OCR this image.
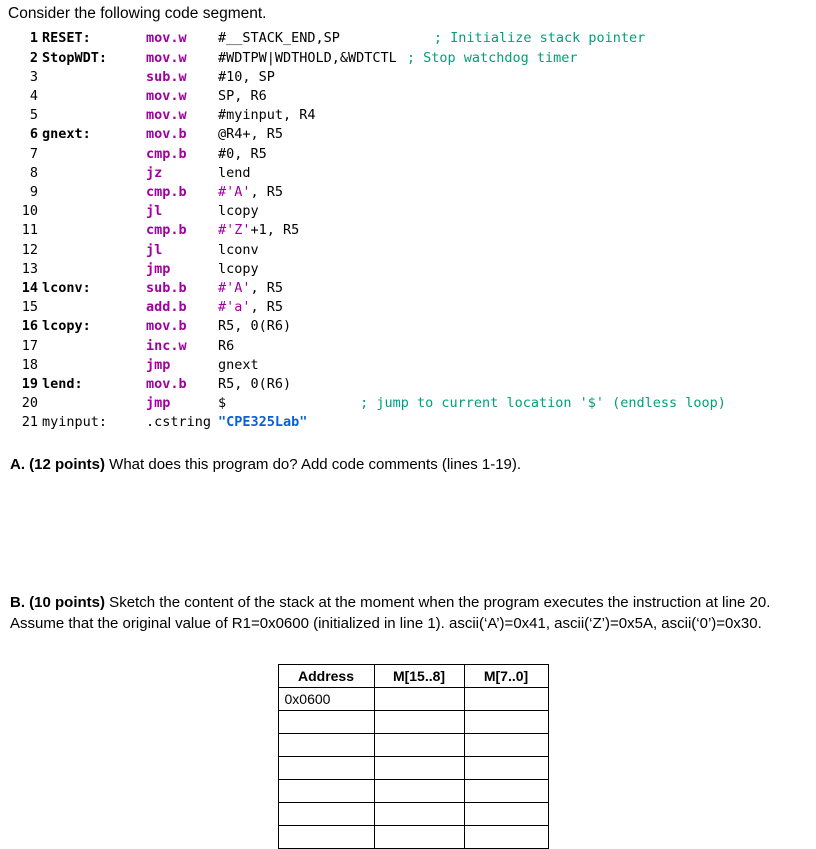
Consider the following code segment.

1 RESET:	mov.w	#__STACK_END,SP	; Initialize stack pointer
2 StopWDT:	mov.w	#WDTPW|WDTHOLD,&WDTCTL ; Stop watchdog timer
3	sub.w	#10, SP
4	mov.w	SP, R6
5	mov.w	#myinput, R4
6 gnext:	mov.b	@R4+, R5
7	cmp.b	#0, R5
8	jz	lend
9	cmp.b	#'A', R5
10	jl	lcopy
11	cmp.b	#'Z'+1, R5
12	jl	lconv
13	jmp	lcopy
14 lconv:	sub.b	#'A', R5
15	add.b	#'a', R5
16 lcopy:	mov.b	R5, 0(R6)
17	inc.w	R6
18	jmp	gnext
19 lend:	mov.b	R5, 0(R6)
20	jmp	$	; jump to current location '$' (endless loop)
21 myinput:	.cstring "CPE325Lab"

A. (12 points) What does this program do? Add code comments (lines 1-19).

B. (10 points) Sketch the content of the stack at the moment when the program executes the instruction at line 20. Assume that the original value of R1=0x0600 (initialized in line 1). ascii(‘A’)=0x41, ascii(‘Z’)=0x5A, ascii(‘0’)=0x30.

Address	M[15..8]	M[7..0]
0x0600		
